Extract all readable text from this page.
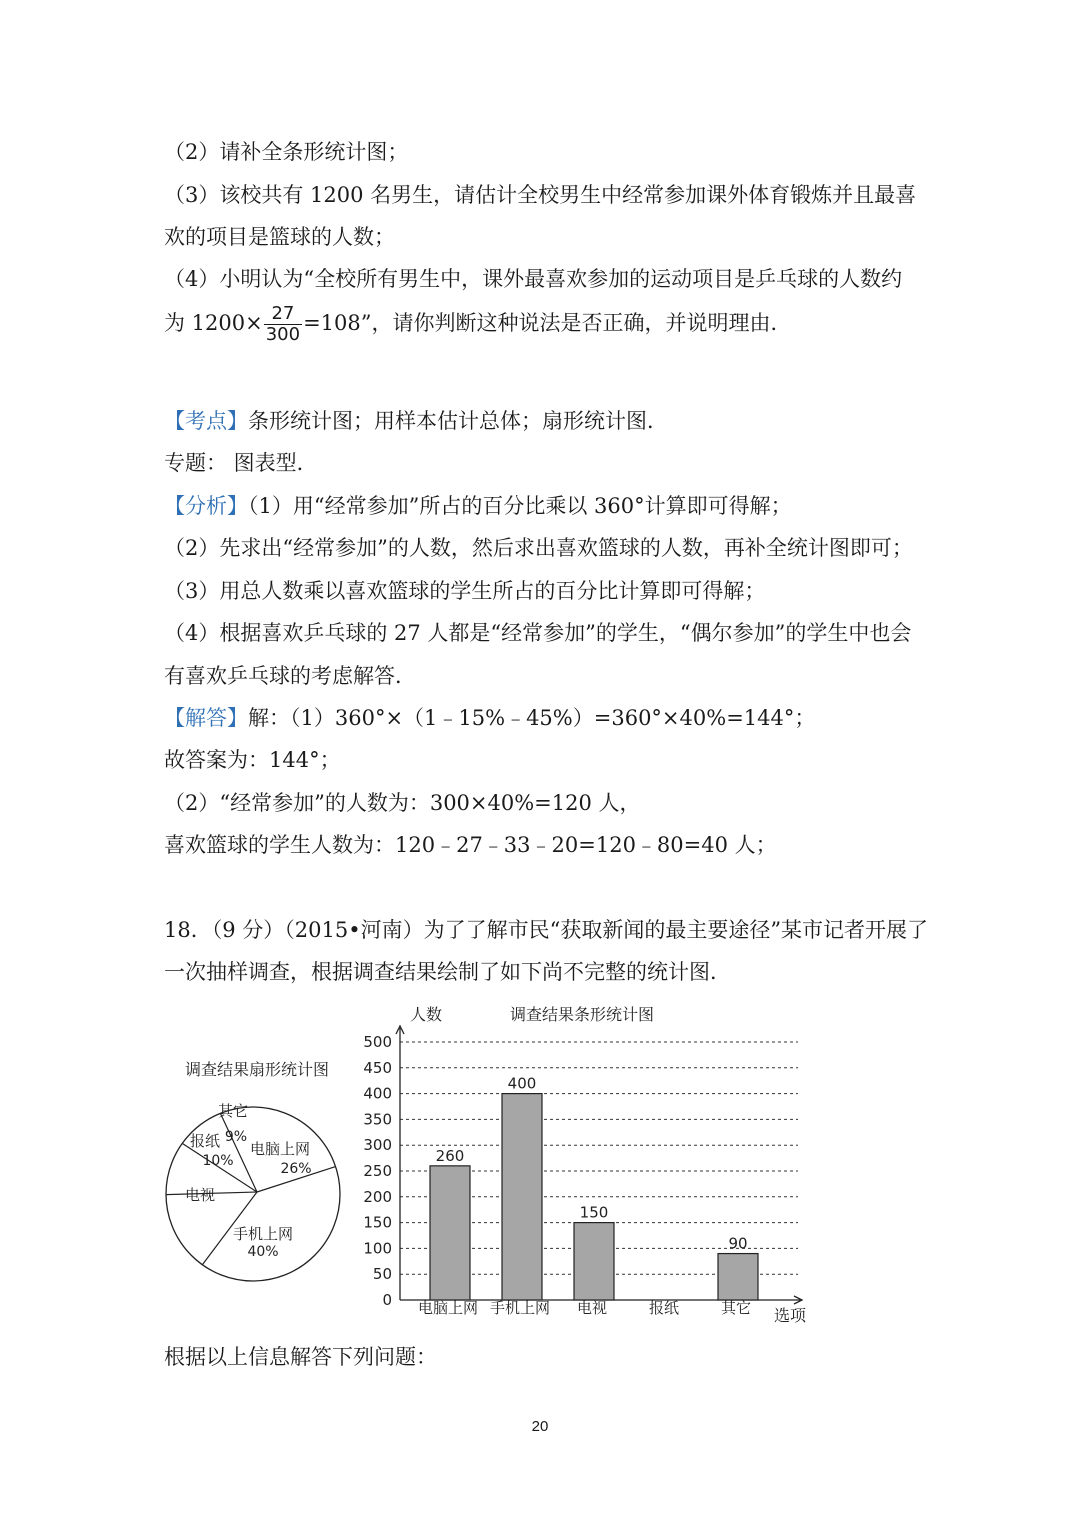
（2）请补全条形统计图；
（3）该校共有 1200 名男生，请估计全校男生中经常参加课外体育锻炼并且最喜
欢的项目是篮球的人数；
（4）小明认为“全校所有男生中，课外最喜欢参加的运动项目是乒乓球的人数约
为 $1200\times \frac{27}{300} =108$”，请你判断这种说法是否正确，并说明理由．
【考点】条形统计图；用样本估计总体；扇形统计图．
专题： 图表型．
【分析】（1）用“经常参加”所占的百分比乘以 360°计算即可得解；
（2）先求出“经常参加”的人数，然后求出喜欢篮球的人数，再补全统计图即可；
（3）用总人数乘以喜欢篮球的学生所占的百分比计算即可得解；
（4）根据喜欢乒乓球的 27 人都是“经常参加”的学生，“偶尔参加”的学生中也会
有喜欢乒乓球的考虑解答．
【解答】解：（1）360°×（1﹣15%﹣45%）=360°×40%=144°；
故答案为：144°；
（2）“经常参加”的人数为：300×40%=120 人，
喜欢篮球的学生人数为：120﹣27﹣33﹣20=120﹣80=40 人；
18．（9 分）（2015•河南）为了了解市民“获取新闻的最主要途径”某市记者开展了
一次抽样调查，根据调查结果绘制了如下尚不完整的统计图．
调查结果扇形统计图
电脑上网
26%
手机上网
40%
电视
报纸
10%
其它
9%
人数	调查结果条形统计图
0
50
100
150
200
250
300
350
400
450
500
选项
260
电脑上网
400
手机上网
150
电视	报纸
90
其它
根据以上信息解答下列问题：
20
